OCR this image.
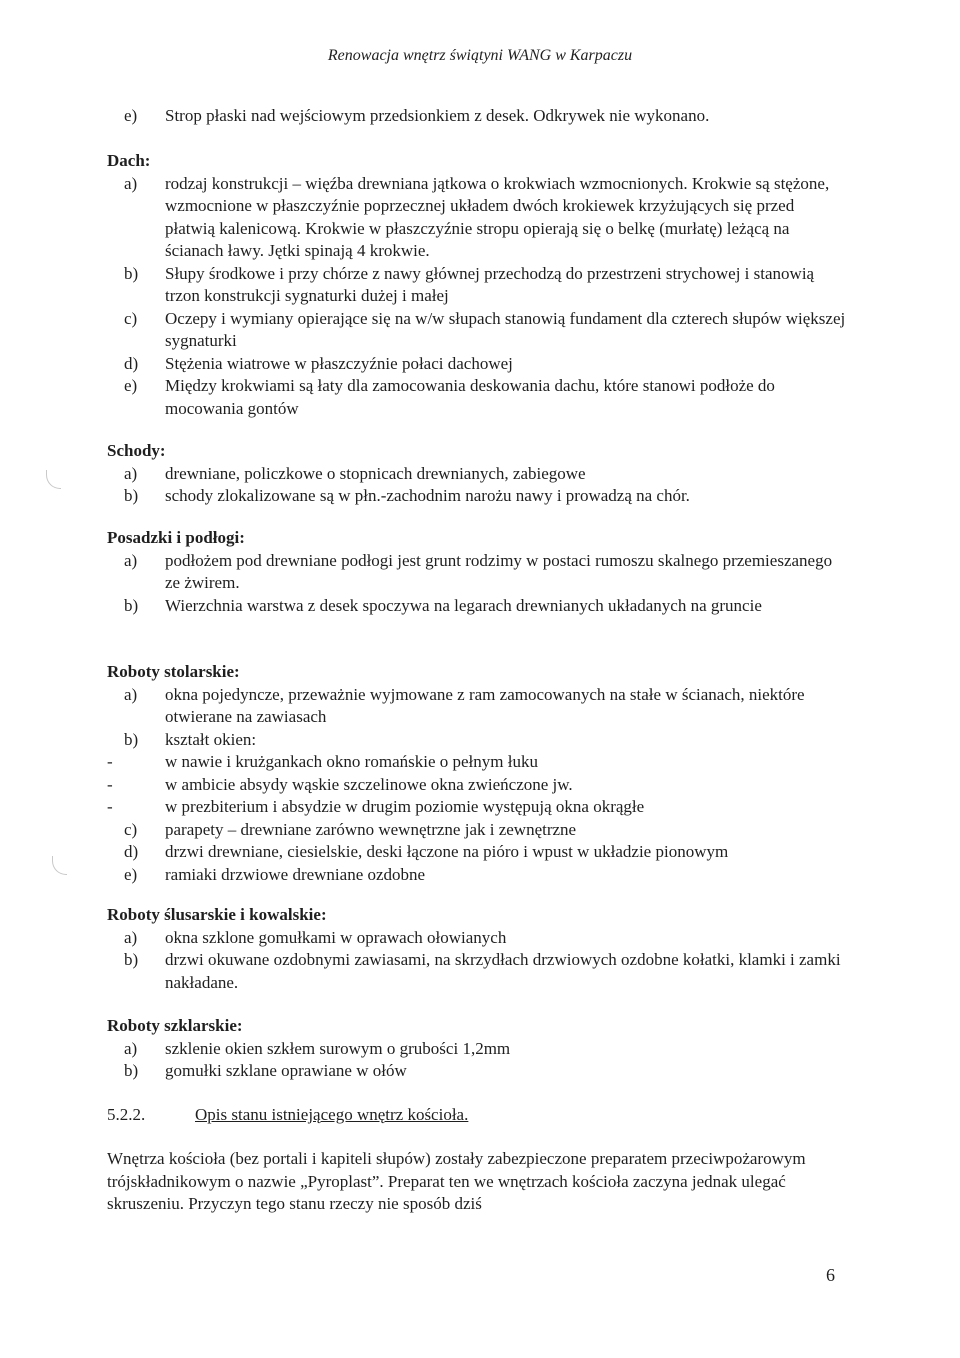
Renowacja wnętrz świątyni WANG w Karpaczu
e) Strop płaski nad wejściowym przedsionkiem z desek. Odkrywek nie wykonano.
Dach:
a) rodzaj konstrukcji – więźba drewniana jątkowa o krokwiach wzmocnionych. Krokwie są stężone, wzmocnione w płaszczyźnie poprzecznej układem dwóch krokiewek krzyżujących się przed płatwią kalenicową. Krokwie w płaszczyźnie stropu opierają się o belkę (murłatę) leżącą na ścianach ławy. Jętki spinają 4 krokwie.
b) Słupy środkowe i przy chórze z nawy głównej przechodzą do przestrzeni strychowej i stanowią trzon konstrukcji sygnaturki dużej i małej
c) Oczepy i wymiany opierające się na w/w słupach stanowią fundament dla czterech słupów większej sygnaturki
d) Stężenia wiatrowe w płaszczyźnie połaci dachowej
e) Między krokwiami są łaty dla zamocowania deskowania dachu, które stanowi podłoże do mocowania gontów
Schody:
a) drewniane, policzkowe o stopnicach drewnianych, zabiegowe
b) schody zlokalizowane są w płn.-zachodnim narożu nawy i prowadzą na chór.
Posadzki i podłogi:
a) podłożem pod drewniane podłogi jest grunt rodzimy w postaci rumoszu skalnego przemieszanego ze żwirem.
b) Wierzchnia warstwa z desek spoczywa na legarach drewnianych układanych na gruncie
Roboty stolarskie:
a) okna pojedyncze, przeważnie wyjmowane z ram zamocowanych na stałe w ścianach, niektóre otwierane na zawiasach
b) kształt okien:
-	w nawie i krużgankach okno romańskie o pełnym łuku
-	w ambicie absydy wąskie szczelinowe okna zwieńczone jw.
-	w prezbiterium i absydzie w drugim poziomie występują okna okrągłe
c) parapety – drewniane zarówno wewnętrzne jak i zewnętrzne
d) drzwi drewniane, ciesielskie, deski łączone na pióro i wpust w układzie pionowym
e) ramiaki drzwiowe drewniane ozdobne
Roboty ślusarskie i kowalskie:
a) okna szklone gomułkami w oprawach ołowianych
b) drzwi okuwane ozdobnymi zawiasami, na skrzydłach drzwiowych ozdobne kołatki, klamki i zamki nakładane.
Roboty szklarskie:
a) szklenie okien szkłem surowym o grubości 1,2mm
b) gomułki szklane oprawiane w ołów
5.2.2.	Opis stanu istniejącego wnętrz kościoła.
Wnętrza kościoła (bez portali i kapiteli słupów) zostały zabezpieczone preparatem przeciwpożarowym trójskładnikowym o nazwie „Pyroplast”. Preparat ten we wnętrzach kościoła zaczyna jednak ulegać skruszeniu. Przyczyn tego stanu rzeczy nie sposób dziś
6
